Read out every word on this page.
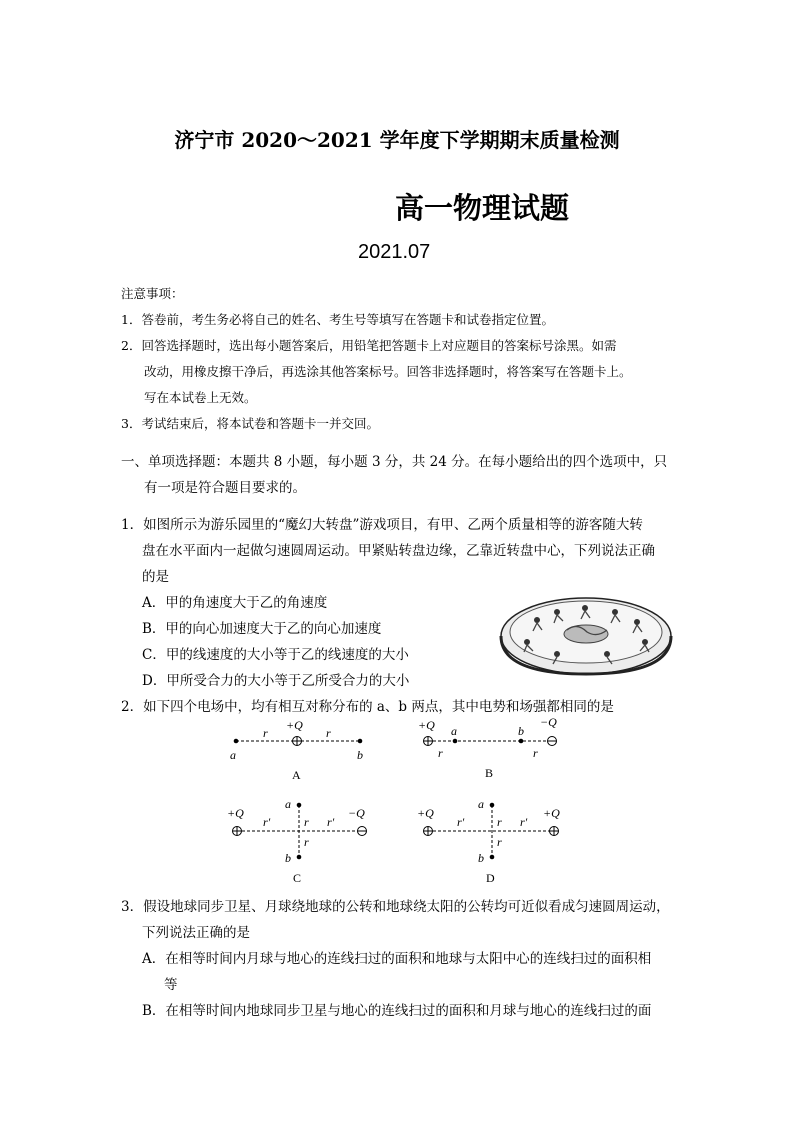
济宁市 2020～2021 学年度下学期期末质量检测
高一物理试题
2021.07
注意事项：
1．答卷前，考生务必将自己的姓名、考生号等填写在答题卡和试卷指定位置。
2．回答选择题时，选出每小题答案后，用铅笔把答题卡上对应题目的答案标号涂黑。如需
改动，用橡皮擦干净后，再选涂其他答案标号。回答非选择题时，将答案写在答题卡上。
写在本试卷上无效。
3．考试结束后，将本试卷和答题卡一并交回。
一、单项选择题：本题共 8 小题，每小题 3 分，共 24 分。在每小题给出的四个选项中，只
有一项是符合题目要求的。
1．如图所示为游乐园里的“魔幻大转盘”游戏项目，有甲、乙两个质量相等的游客随大转
盘在水平面内一起做匀速圆周运动。甲紧贴转盘边缘，乙靠近转盘中心，下列说法正确
的是
A．甲的角速度大于乙的角速度
B．甲的向心加速度大于乙的向心加速度
C．甲的线速度的大小等于乙的线速度的大小
D．甲所受合力的大小等于乙所受合力的大小
2．如下四个电场中，均有相互对称分布的 a、b 两点，其中电势和场强都相同的是
+Q
r	r
a	b
A
+Q	−Q
a	b
r	r
B
+Q	−Q
a
b
r′	r′
r
r
C
+Q	+Q
a
b
r′	r′
r
r
D
3．假设地球同步卫星、月球绕地球的公转和地球绕太阳的公转均可近似看成匀速圆周运动，
下列说法正确的是
A．在相等时间内月球与地心的连线扫过的面积和地球与太阳中心的连线扫过的面积相
等
B．在相等时间内地球同步卫星与地心的连线扫过的面积和月球与地心的连线扫过的面
